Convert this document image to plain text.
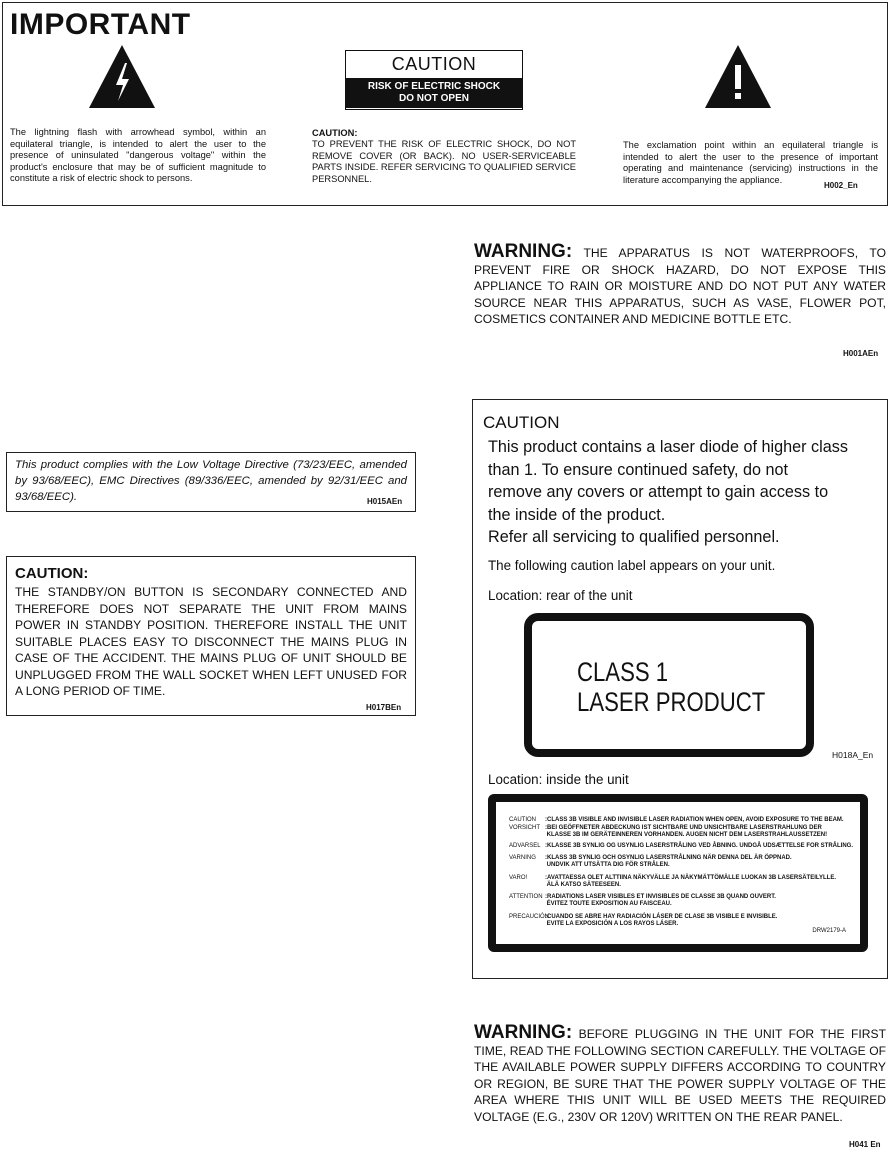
IMPORTANT
The lightning flash with arrowhead symbol, within an equilateral triangle, is intended to alert the user to the presence of uninsulated "dangerous voltage" within the product's enclosure that may be of sufficient magnitude to constitute a risk of electric shock to persons.
CAUTION
RISK OF ELECTRIC SHOCK
DO NOT OPEN
CAUTION:
TO PREVENT THE RISK OF ELECTRIC SHOCK, DO NOT REMOVE COVER (OR BACK). NO USER-SERVICEABLE PARTS INSIDE. REFER SERVICING TO QUALIFIED SERVICE PERSONNEL.
The exclamation point within an equilateral triangle is intended to alert the user to the presence of important operating and maintenance (servicing) instructions in the literature accompanying the appliance.
H002_En
WARNING: THE APPARATUS IS NOT WATERPROOFS, TO PREVENT FIRE OR SHOCK HAZARD, DO NOT EXPOSE THIS APPLIANCE TO RAIN OR MOISTURE AND DO NOT PUT ANY WATER SOURCE NEAR THIS APPARATUS, SUCH AS VASE, FLOWER POT, COSMETICS CONTAINER AND MEDICINE BOTTLE ETC.
H001AEn
This product complies with the Low Voltage Directive (73/23/EEC, amended by 93/68/EEC), EMC Directives (89/336/EEC, amended by 92/31/EEC and 93/68/EEC).	H015AEn
CAUTION:
THE STANDBY/ON BUTTON IS SECONDARY CONNECTED AND THEREFORE DOES NOT SEPARATE THE UNIT FROM MAINS POWER IN STANDBY POSITION. THEREFORE INSTALL THE UNIT SUITABLE PLACES EASY TO DISCONNECT THE MAINS PLUG IN CASE OF THE ACCIDENT. THE MAINS PLUG OF UNIT SHOULD BE UNPLUGGED FROM THE WALL SOCKET WHEN LEFT UNUSED FOR A LONG PERIOD OF TIME.
H017BEn
CAUTION
This product contains a laser diode of higher class
than 1. To ensure continued safety, do not
remove any covers or attempt to gain access to
the inside of the product.
Refer all servicing to qualified personnel.
The following caution label appears on your unit.
Location: rear of the unit
CLASS 1
LASER PRODUCT
H018A_En
Location: inside the unit
CAUTION :CLASS 3B VISIBLE AND INVISIBLE LASER RADIATION WHEN OPEN, AVOID EXPOSURE TO THE BEAM.
VORSICHT :BEI GEÖFFNETER ABDECKUNG IST SICHTBARE UND UNSICHTBARE LASERSTRAHLUNG DER
KLASSE 3B IM GERÄTEINNEREN VORHANDEN. AUGEN NICHT DEM LASERSTRAHLAUSSETZEN!
ADVARSEL :KLASSE 3B SYNLIG OG USYNLIG LASERSTRÅLING VED ÅBNING. UNDGÅ UDSÆTTELSE FOR STRÅLING.
VARNING :KLASS 3B SYNLIG OCH OSYNLIG LASERSTRÅLNING NÄR DENNA DEL ÄR ÖPPNAD.
UNDVIK ATT UTSÄTTA DIG FÖR STRÅLEN.
VARO!	:AVATTAESSA OLET ALTTIINA NÄKYVÄLLE JA NÄKYMÄTTÖMÄLLE LUOKAN 3B LASERSÄTEILYLLE.
ÄLÄ KATSO SÄTEESEEN.
ATTENTION :RADIATIONS LASER VISIBLES ET INVISIBLES DE CLASSE 3B QUAND OUVERT.
ÉVITEZ TOUTE EXPOSITION AU FAISCEAU.
PRECAUCIÓN:CUANDO SE ABRE HAY RADIACIÓN LÁSER DE CLASE 3B VISIBLE E INVISIBLE.
EVITE LA EXPOSICIÓN A LOS RAYOS LÁSER.
DRW2179-A
WARNING: BEFORE PLUGGING IN THE UNIT FOR THE FIRST TIME, READ THE FOLLOWING SECTION CAREFULLY. THE VOLTAGE OF THE AVAILABLE POWER SUPPLY DIFFERS ACCORDING TO COUNTRY OR REGION, BE SURE THAT THE POWER SUPPLY VOLTAGE OF THE AREA WHERE THIS UNIT WILL BE USED MEETS THE REQUIRED VOLTAGE (E.G., 230V OR 120V) WRITTEN ON THE REAR PANEL.
H041 En
